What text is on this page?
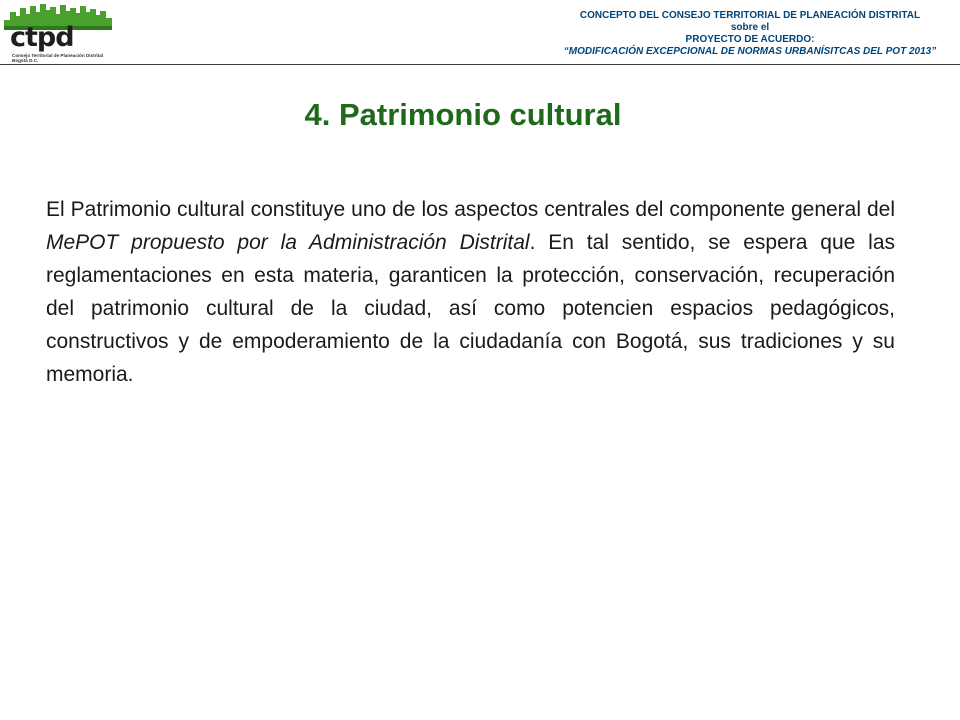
ctpd
Consejo Territorial de Planeación Distrital Bogotá D.C.
CONCEPTO DEL CONSEJO TERRITORIAL DE PLANEACIÓN DISTRITAL
sobre el
PROYECTO DE ACUERDO:
“MODIFICACIÓN EXCEPCIONAL DE NORMAS URBANÍSITCAS DEL POT 2013”
4. Patrimonio cultural

El Patrimonio cultural constituye uno de los aspectos centrales del componente general del MePOT propuesto por la Administración Distrital. En tal sentido, se espera que las reglamentaciones en esta materia, garanticen la protección, conservación, recuperación del patrimonio cultural de la ciudad, así como potencien espacios pedagógicos, constructivos y de empoderamiento de la ciudadanía con Bogotá, sus tradiciones y su memoria.
